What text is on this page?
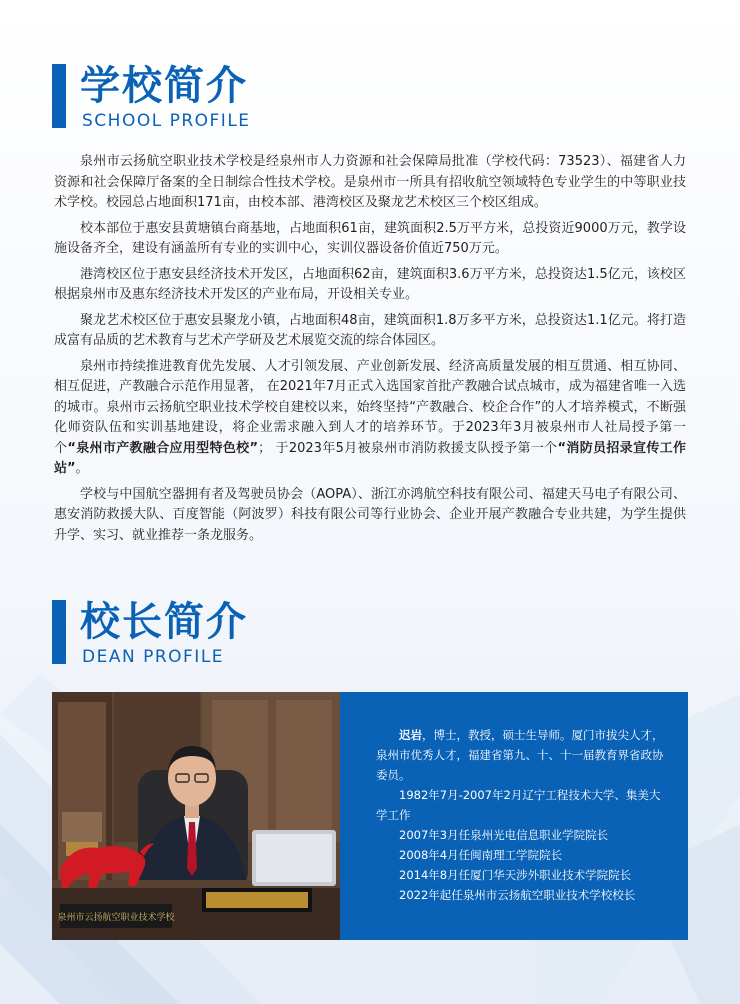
学校简介
SCHOOL PROFILE

泉州市云扬航空职业技术学校是经泉州市人力资源和社会保障局批准（学校代码：73523）、福建省人力资源和社会保障厅备案的全日制综合性技术学校。是泉州市一所具有招收航空领域特色专业学生的中等职业技术学校。校园总占地面积171亩，由校本部、港湾校区及聚龙艺术校区三个校区组成。

校本部位于惠安县黄塘镇台商基地，占地面积61亩，建筑面积2.5万平方米，总投资近9000万元，教学设施设备齐全，建设有涵盖所有专业的实训中心，实训仪器设备价值近750万元。

港湾校区位于惠安县经济技术开发区，占地面积62亩，建筑面积3.6万平方米，总投资达1.5亿元，该校区根据泉州市及惠东经济技术开发区的产业布局，开设相关专业。

聚龙艺术校区位于惠安县聚龙小镇，占地面积48亩，建筑面积1.8万多平方米，总投资达1.1亿元。将打造成富有品质的艺术教育与艺术产学研及艺术展览交流的综合体园区。

泉州市持续推进教育优先发展、人才引领发展、产业创新发展、经济高质量发展的相互贯通、相互协同、相互促进，产教融合示范作用显著， 在2021年7月正式入选国家首批产教融合试点城市，成为福建省唯一入选的城市。泉州市云扬航空职业技术学校自建校以来，始终坚持“产教融合、校企合作”的人才培养模式，不断强化师资队伍和实训基地建设，将企业需求融入到人才的培养环节。于2023年3月被泉州市人社局授予第一个“泉州市产教融合应用型特色校”； 于2023年5月被泉州市消防救援支队授予第一个“消防员招录宣传工作站”。

学校与中国航空器拥有者及驾驶员协会（AOPA）、浙江亦鸿航空科技有限公司、福建天马电子有限公司、惠安消防救援大队、百度智能（阿波罗）科技有限公司等行业协会、企业开展产教融合专业共建，为学生提供升学、实习、就业推荐一条龙服务。

校长简介
DEAN PROFILE
泉州市云扬航空职业技术学校

迟岩，博士，教授，硕士生导师。厦门市拔尖人才，泉州市优秀人才，福建省第九、十、十一届教育界省政协委员。

1982年7月-2007年2月辽宁工程技术大学、集美大学工作

2007年3月任泉州光电信息职业学院院长

2008年4月任闽南理工学院院长

2014年8月任厦门华天涉外职业技术学院院长

2022年起任泉州市云扬航空职业技术学校校长
